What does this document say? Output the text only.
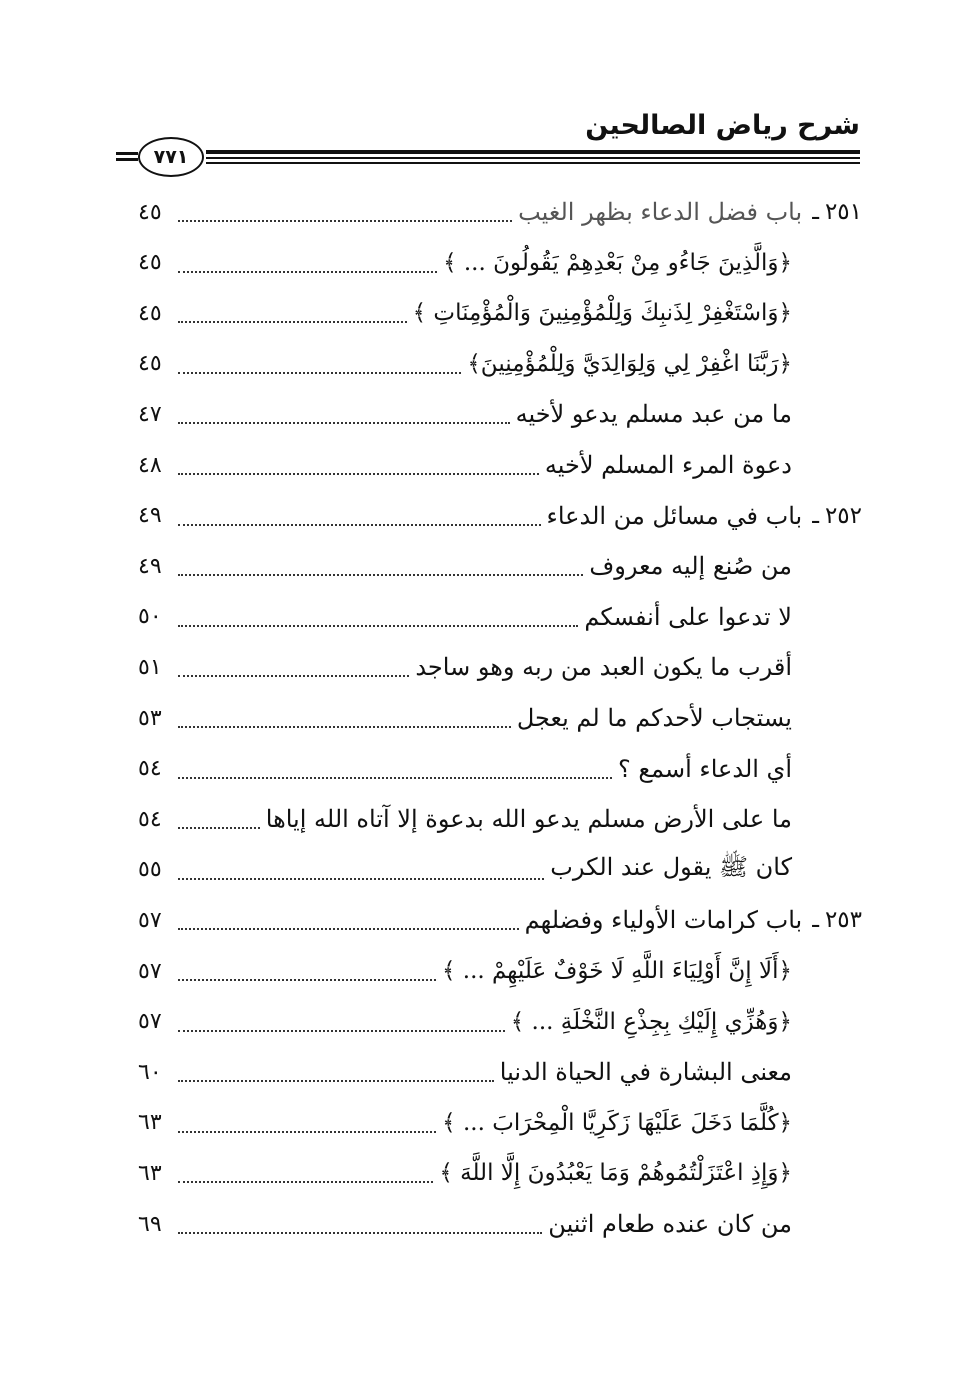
شرح رياض الصالحين
٧٧١
٢٥١ـ
باب فضل الدعاء بظهر الغيب
٤٥
﴿وَالَّذِينَ جَاءُو مِنْ بَعْدِهِمْ يَقُولُونَ ... ﴾
٤٥
﴿وَاسْتَغْفِرْ لِذَنبِكَ وَلِلْمُؤْمِنِينَ وَالْمُؤْمِنَاتِ ﴾
٤٥
﴿رَبَّنَا اغْفِرْ لِي وَلِوَالِدَيَّ وَلِلْمُؤْمِنِينَ﴾
٤٥
ما من عبد مسلم يدعو لأخيه
٤٧
دعوة المرء المسلم لأخيه
٤٨
٢٥٢ـ
باب في مسائل من الدعاء
٤٩
من صُنع إليه معروف
٤٩
لا تدعوا على أنفسكم
٥٠
أقرب ما يكون العبد من ربه وهو ساجد
٥١
يستجاب لأحدكم ما لم يعجل
٥٣
أي الدعاء أسمع ؟
٥٤
ما على الأرض مسلم يدعو الله بدعوة إلا آتاه الله إياها
٥٤
كان ﷺ يقول عند الكرب
٥٥
٢٥٣ـ
باب كرامات الأولياء وفضلهم
٥٧
﴿أَلَا إِنَّ أَوْلِيَاءَ اللَّهِ لَا خَوْفٌ عَلَيْهِمْ ... ﴾
٥٧
﴿وَهُزِّي إِلَيْكِ بِجِذْعِ النَّخْلَةِ ... ﴾
٥٧
معنى البشارة في الحياة الدنيا
٦٠
﴿كُلَّمَا دَخَلَ عَلَيْهَا زَكَرِيَّا الْمِحْرَابَ ... ﴾
٦٣
﴿وَإِذِ اعْتَزَلْتُمُوهُمْ وَمَا يَعْبُدُونَ إِلَّا اللَّهَ ﴾
٦٣
من كان عنده طعام اثنين
٦٩
